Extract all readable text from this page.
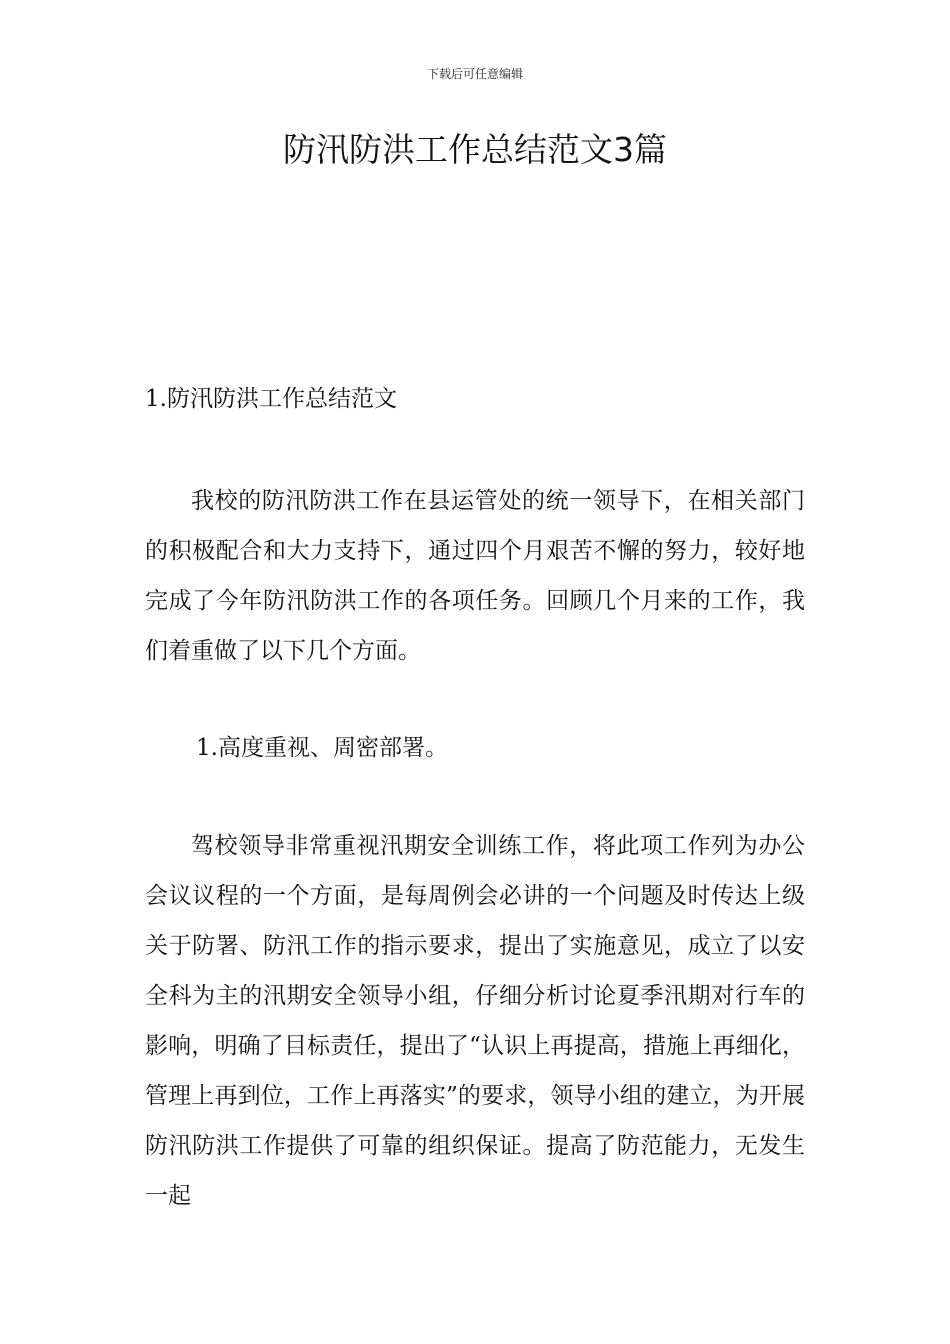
下载后可任意编辑
防汛防洪工作总结范文3篇
1.防汛防洪工作总结范文

我校的防汛防洪工作在县运管处的统一领导下，在相关部门的积极配合和大力支持下，通过四个月艰苦不懈的努力，较好地完成了今年防汛防洪工作的各项任务。回顾几个月来的工作，我们着重做了以下几个方面。

1.高度重视、周密部署。

驾校领导非常重视汛期安全训练工作，将此项工作列为办公会议议程的一个方面，是每周例会必讲的一个问题及时传达上级关于防署、防汛工作的指示要求，提出了实施意见，成立了以安全科为主的汛期安全领导小组，仔细分析讨论夏季汛期对行车的影响，明确了目标责任，提出了“认识上再提高，措施上再细化，管理上再到位，工作上再落实”的要求，领导小组的建立，为开展防汛防洪工作提供了可靠的组织保证。提高了防范能力，无发生一起
